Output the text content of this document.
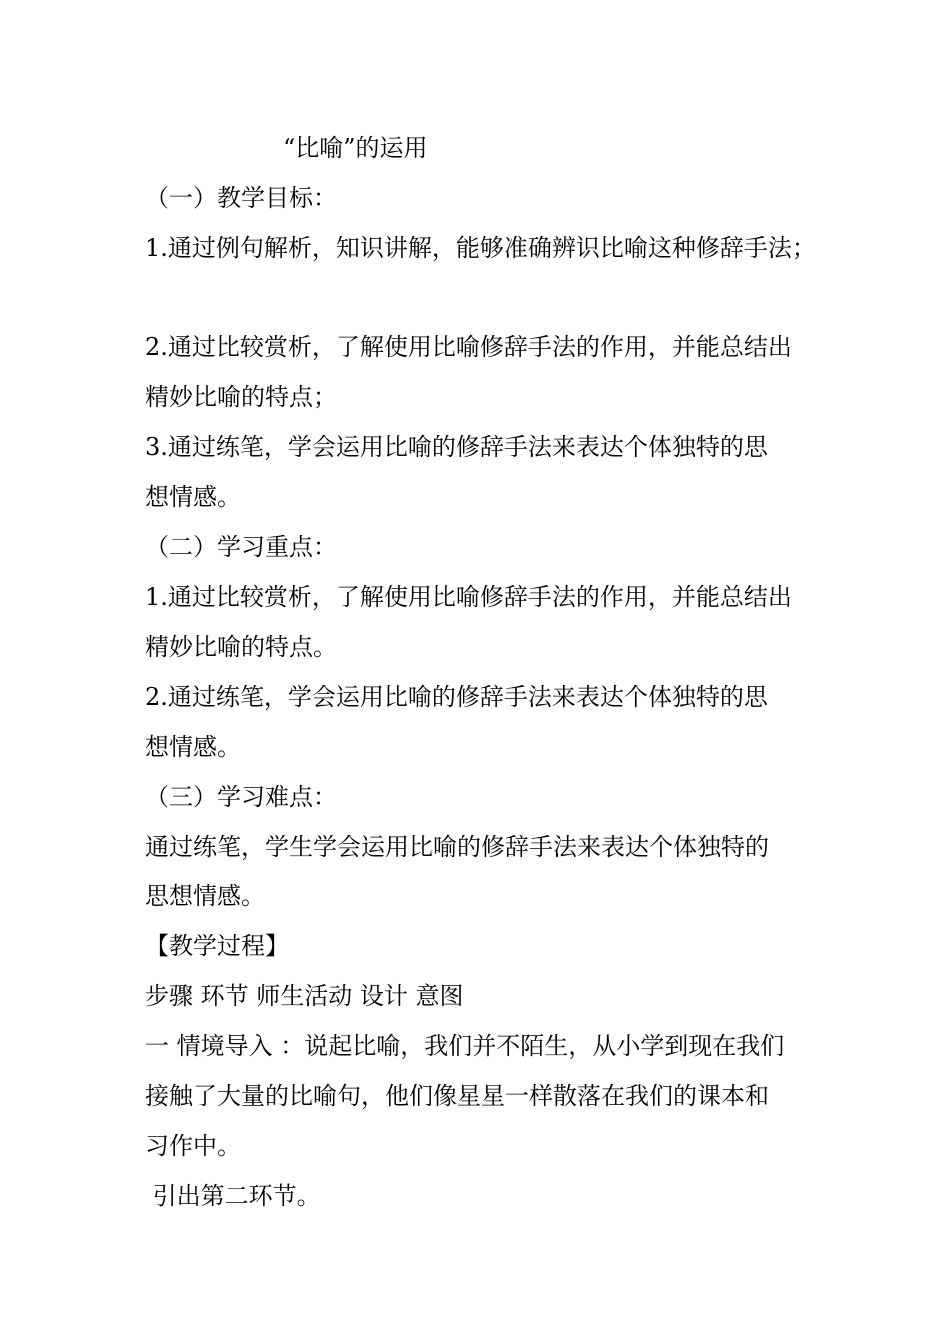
“比喻”的运用
（一）教学目标：
1.通过例句解析，知识讲解，能够准确辨识比喻这种修辞手法；
2.通过比较赏析，了解使用比喻修辞手法的作用，并能总结出
精妙比喻的特点；
3.通过练笔，学会运用比喻的修辞手法来表达个体独特的思
想情感。
（二）学习重点：
1.通过比较赏析，了解使用比喻修辞手法的作用，并能总结出
精妙比喻的特点。
2.通过练笔，学会运用比喻的修辞手法来表达个体独特的思
想情感。
（三）学习难点：
通过练笔，学生学会运用比喻的修辞手法来表达个体独特的
思想情感。
【教学过程】
步骤 环节 师生活动 设计 意图
一 情境导入 ：说起比喻，我们并不陌生，从小学到现在我们
接触了大量的比喻句，他们像星星一样散落在我们的课本和
习作中。
引出第二环节。
